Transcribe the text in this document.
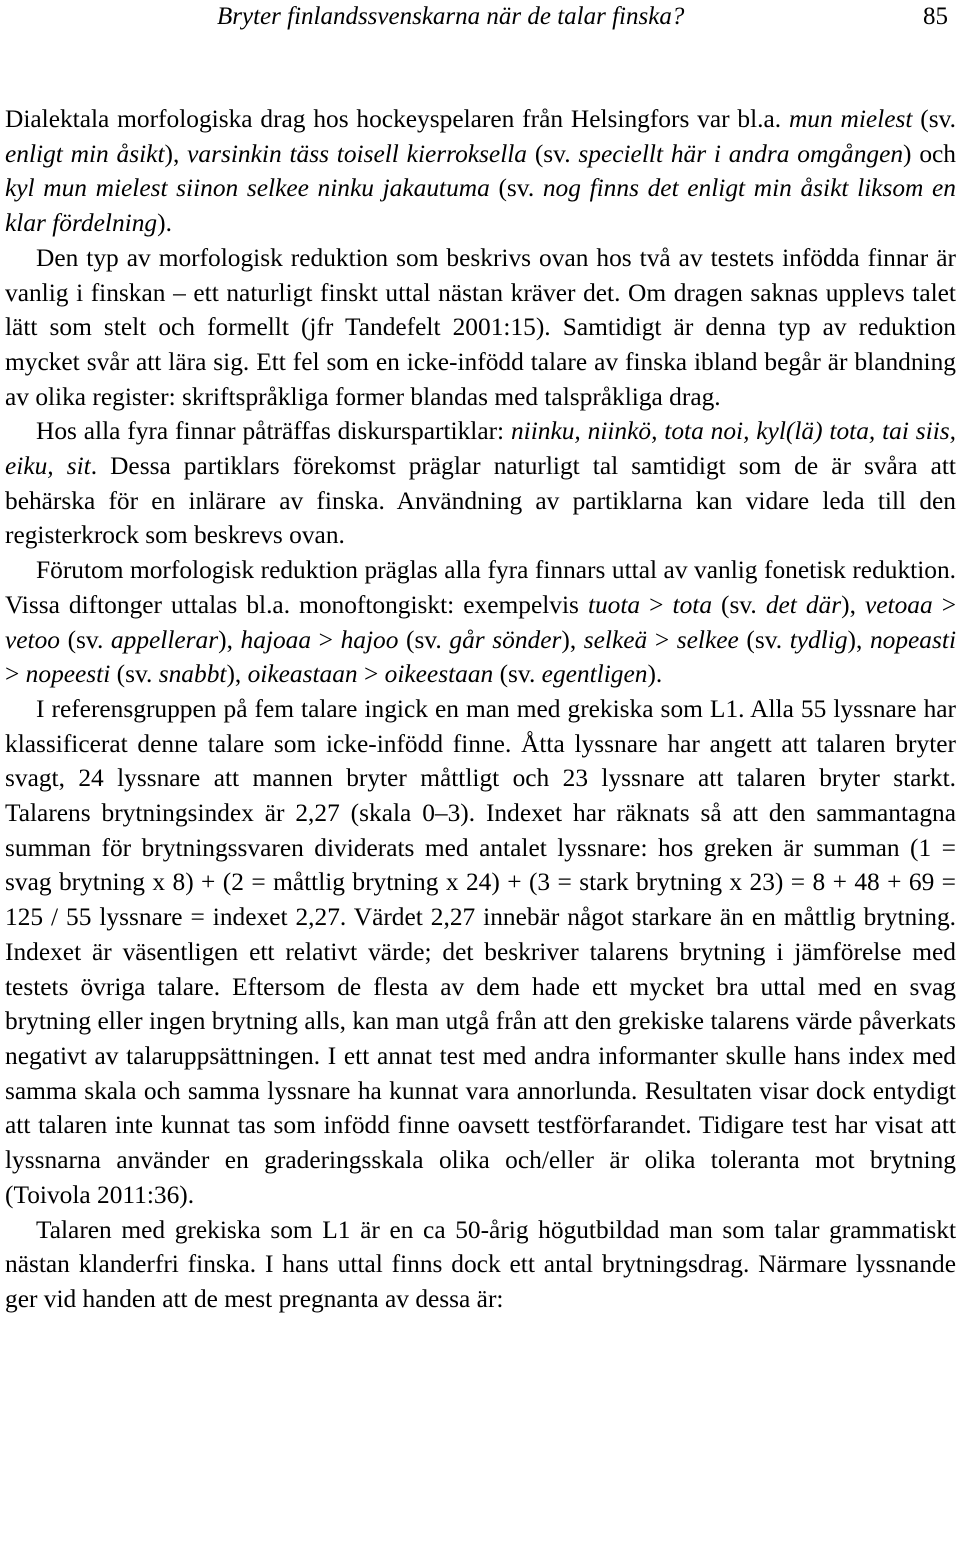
Bryter finlandssvenskarna när de talar finska?	85

Dialektala morfologiska drag hos hockeyspelaren från Helsingfors var bl.a. mun mielest (sv. enligt min åsikt), varsinkin täss toisell kierroksella (sv. speciellt här i andra omgången) och kyl mun mielest siinon selkee ninku jakautuma (sv. nog finns det enligt min åsikt liksom en klar fördelning).

Den typ av morfologisk reduktion som beskrivs ovan hos två av testets infödda finnar är vanlig i finskan – ett naturligt finskt uttal nästan kräver det. Om dragen saknas upplevs talet lätt som stelt och formellt (jfr Tandefelt 2001:15). Samtidigt är denna typ av reduktion mycket svår att lära sig. Ett fel som en icke-infödd talare av finska ibland begår är blandning av olika register: skriftspråkliga former blandas med talspråkliga drag.

Hos alla fyra finnar påträffas diskurspartiklar: niinku, niinkö, tota noi, kyl(lä) tota, tai siis, eiku, sit. Dessa partiklars förekomst präglar naturligt tal samtidigt som de är svåra att behärska för en inlärare av finska. Användning av partiklarna kan vidare leda till den registerkrock som beskrevs ovan.

Förutom morfologisk reduktion präglas alla fyra finnars uttal av vanlig fonetisk reduktion. Vissa diftonger uttalas bl.a. monoftongiskt: exempelvis tuota > tota (sv. det där), vetoaa > vetoo (sv. appellerar), hajoaa > hajoo (sv. går sönder), selkeä > selkee (sv. tydlig), nopeasti > nopeesti (sv. snabbt), oikeastaan > oikeestaan (sv. egentligen).

I referensgruppen på fem talare ingick en man med grekiska som L1. Alla 55 lyssnare har klassificerat denne talare som icke-infödd finne. Åtta lyssnare har angett att talaren bryter svagt, 24 lyssnare att mannen bryter måttligt och 23 lyssnare att talaren bryter starkt. Talarens brytningsindex är 2,27 (skala 0–3). Indexet har räknats så att den sammantagna summan för brytningssvaren dividerats med antalet lyssnare: hos greken är summan (1 = svag brytning x 8) + (2 = måttlig brytning x 24) + (3 = stark brytning x 23) = 8 + 48 + 69 = 125 / 55 lyssnare = indexet 2,27. Värdet 2,27 innebär något starkare än en måttlig brytning. Indexet är väsentligen ett relativt värde; det beskriver talarens brytning i jämförelse med testets övriga talare. Eftersom de flesta av dem hade ett mycket bra uttal med en svag brytning eller ingen brytning alls, kan man utgå från att den grekiske talarens värde påverkats negativt av talaruppsättningen. I ett annat test med andra informanter skulle hans index med samma skala och samma lyssnare ha kunnat vara annorlunda. Resultaten visar dock entydigt att talaren inte kunnat tas som infödd finne oavsett testförfarandet. Tidigare test har visat att lyssnarna använder en graderingsskala olika och/eller är olika toleranta mot brytning (Toivola 2011:36).

Talaren med grekiska som L1 är en ca 50-årig högutbildad man som talar grammatiskt nästan klanderfri finska. I hans uttal finns dock ett antal brytningsdrag. Närmare lyssnande ger vid handen att de mest pregnanta av dessa är:
